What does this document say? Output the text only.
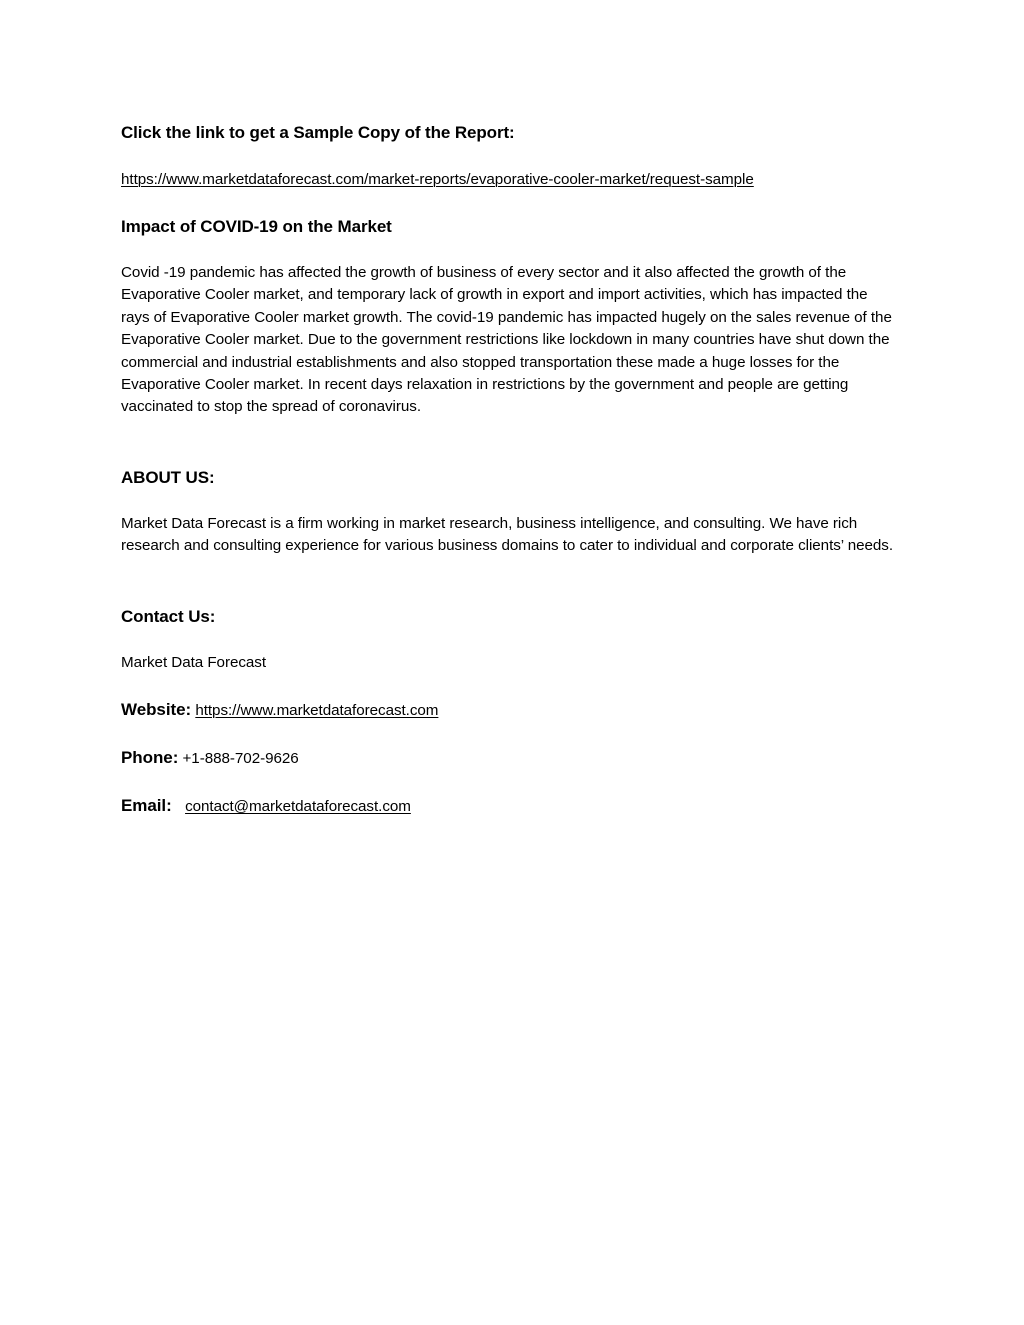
Click the link to get a Sample Copy of the Report:

https://www.marketdataforecast.com/market-reports/evaporative-cooler-market/request-sample

Impact of COVID-19 on the Market

Covid -19 pandemic has affected the growth of business of every sector and it also affected the growth of the Evaporative Cooler market, and temporary lack of growth in export and import activities, which has impacted the rays of Evaporative Cooler market growth. The covid-19 pandemic has impacted hugely on the sales revenue of the Evaporative Cooler market. Due to the government restrictions like lockdown in many countries have shut down the commercial and industrial establishments and also stopped transportation these made a huge losses for the Evaporative Cooler market. In recent days relaxation in restrictions by the government and people are getting vaccinated to stop the spread of coronavirus.

ABOUT US:

Market Data Forecast is a firm working in market research, business intelligence, and consulting. We have rich research and consulting experience for various business domains to cater to individual and corporate clients’ needs.

Contact Us:

Market Data Forecast

Website: https://www.marketdataforecast.com

Phone: +1-888-702-9626

Email: contact@marketdataforecast.com
